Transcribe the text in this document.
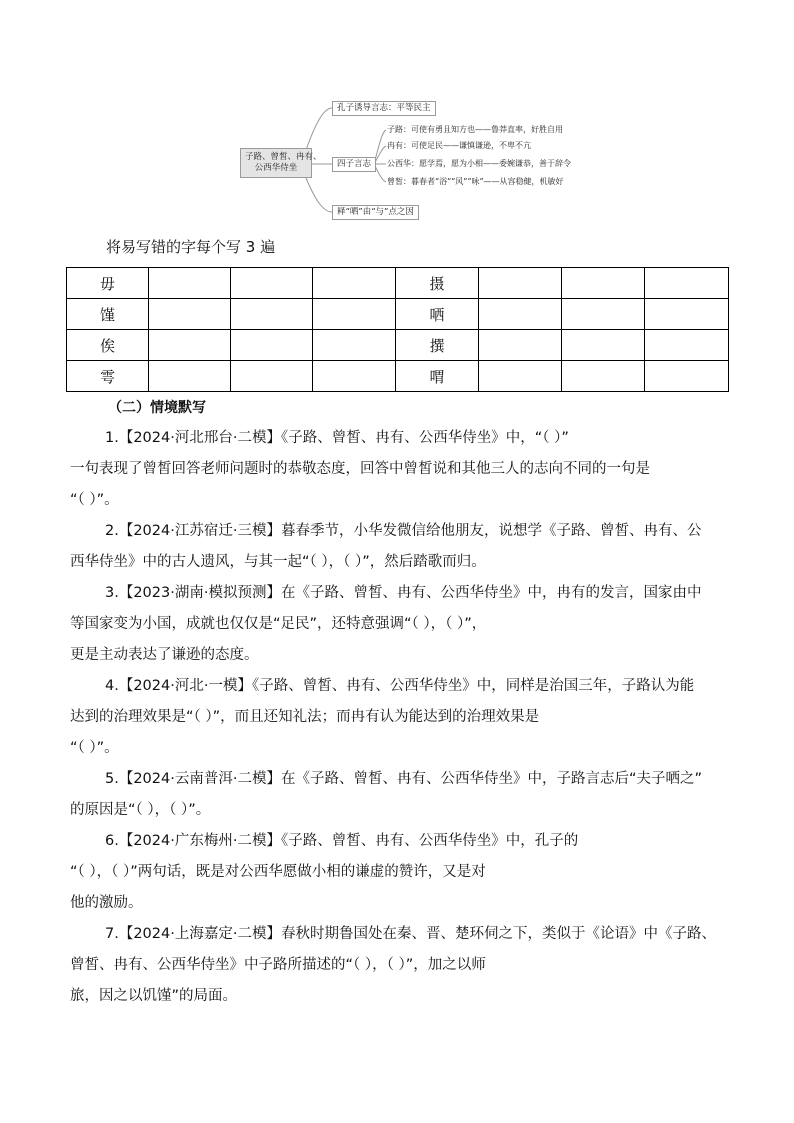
子路、曾皙、冉有、
公西华侍坐
孔子诱导言志：平等民主
四子言志
子路：可使有勇且知方也——鲁莽直率，好胜自用
冉有：可使足民——谦慎谦逊，不卑不亢
公西华：愿学焉，愿为小相——委婉谦恭，善于辞令
曾皙：暮春者“浴”“风”“咏”——从容稳健，机敏好
释“哂”由“与”点之因
将易写错的字每个写 3 遍
毋				摄			
馑				哂			
俟				撰			
雩				喟			
（二）情境默写

1.【2024·河北邢台·二模】《子路、曾皙、冉有、公西华侍坐》中，“（ ）”

一句表现了曾皙回答老师问题时的恭敬态度，回答中曾皙说和其他三人的志向不同的一句是

“（ ）”。

2.【2024·江苏宿迁·三模】暮春季节，小华发微信给他朋友，说想学《子路、曾皙、冉有、公

西华侍坐》中的古人遗风，与其一起“（ ），（ ）”，然后踏歌而归。

3.【2023·湖南·模拟预测】在《子路、曾皙、冉有、公西华侍坐》中，冉有的发言，国家由中

等国家变为小国，成就也仅仅是“足民”，还特意强调“（ ），（ ）”，

更是主动表达了谦逊的态度。

4.【2024·河北·一模】《子路、曾皙、冉有、公西华侍坐》中，同样是治国三年，子路认为能

达到的治理效果是“（ ）”，而且还知礼法；而冉有认为能达到的治理效果是

“（ ）”。

5.【2024·云南普洱·二模】在《子路、曾皙、冉有、公西华侍坐》中，子路言志后“夫子哂之”

的原因是“（ ），（ ）”。

6.【2024·广东梅州·二模】《子路、曾皙、冉有、公西华侍坐》中，孔子的

“（ ），（ ）”两句话，既是对公西华愿做小相的谦虚的赞许，又是对

他的激励。

7.【2024·上海嘉定·二模】春秋时期鲁国处在秦、晋、楚环伺之下，类似于《论语》中《子路、

曾皙、冉有、公西华侍坐》中子路所描述的“（ ），（ ）”，加之以师

旅，因之以饥馑”的局面。
